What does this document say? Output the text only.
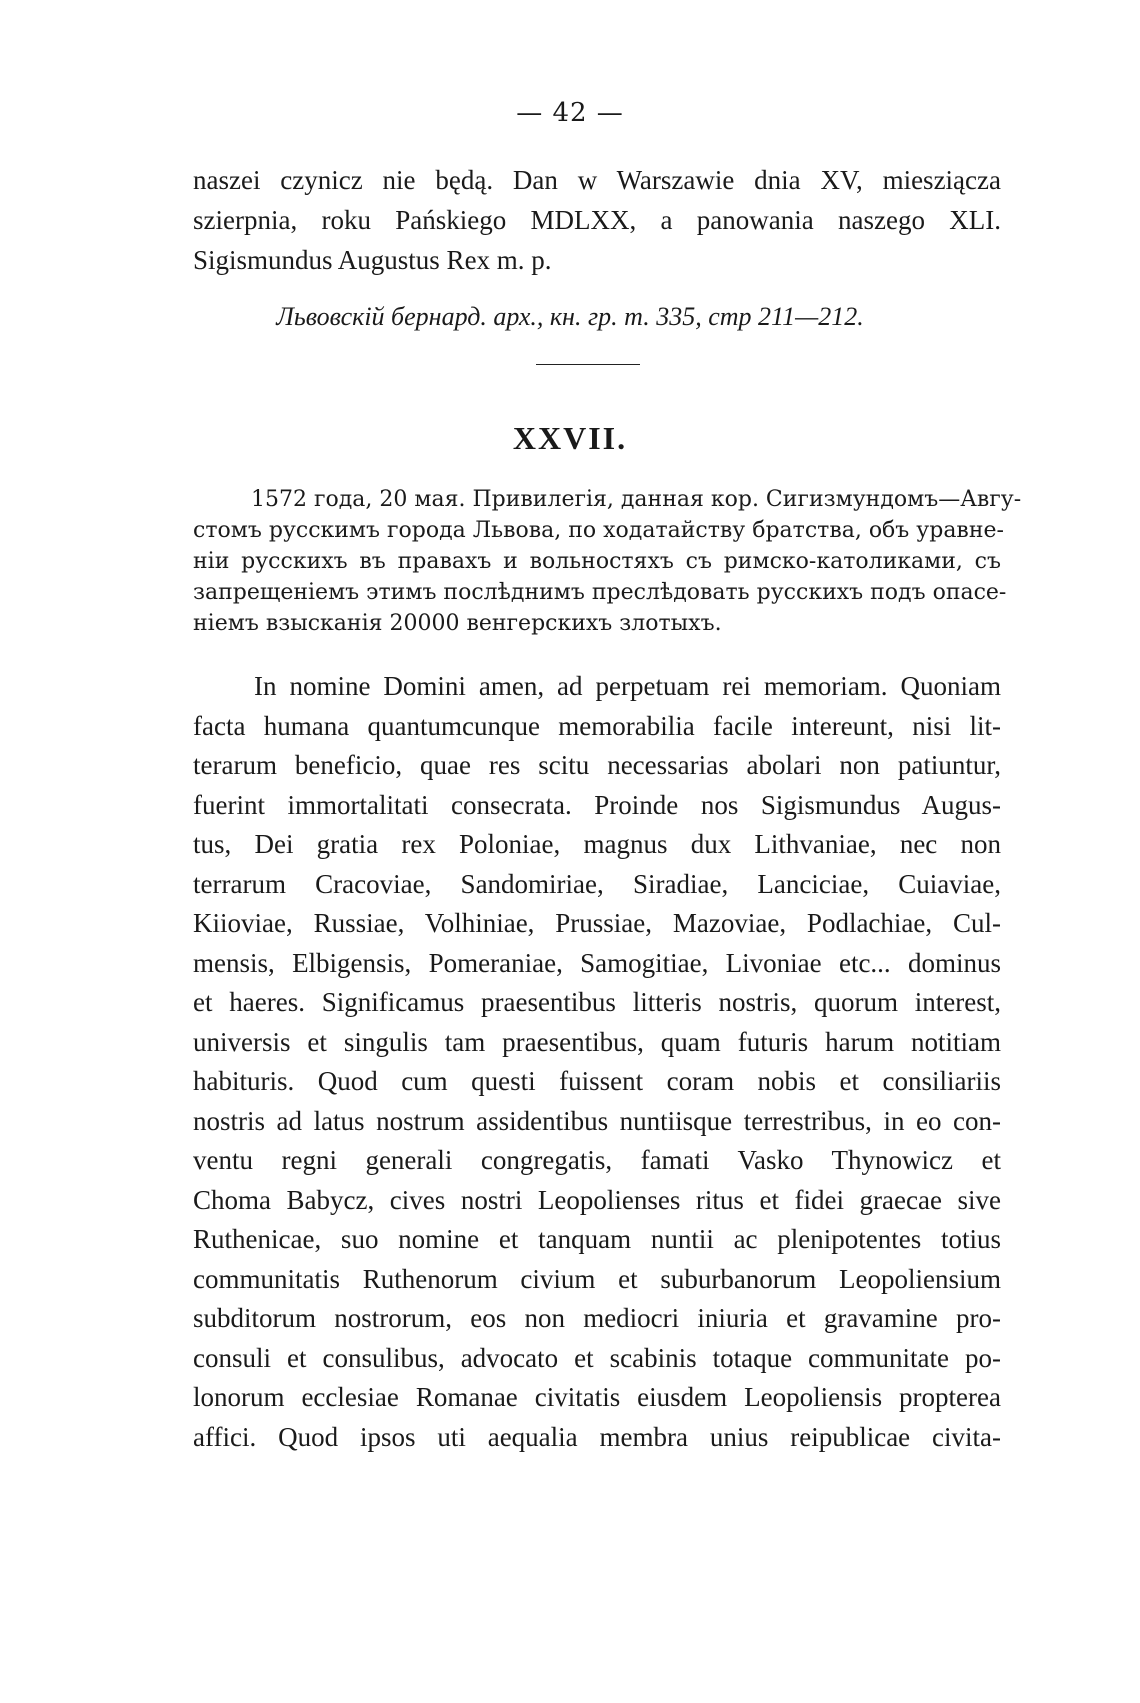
— 42 —
naszei czynicz nie będą. Dan w Warszawie dnia XV, mieszіącza
szierpnia, roku Pańskiego MDLXX, a panowania naszego XLI.
Sigismundus Augustus Rex m. p.
Львовскій бернард. арх., кн. гр. т. 335, стр 211—212.
XXVII.
1572 года, 20 мая. Привилегія, данная кор. Сигизмундомъ—Авгу-
стомъ русскимъ города Львова, по ходатайству братства, объ уравне-
ніи русскихъ въ правахъ и вольностяхъ съ римско-католиками, съ
запрещеніемъ этимъ послѣднимъ преслѣдовать русскихъ подъ опасе-
ніемъ взысканія 20000 венгерскихъ злотыхъ.
In nomine Domini amen, ad perpetuam rei memoriam. Quoniam
facta humana quantumcunque memorabilia facile intereunt, nisi lit-
terarum beneficio, quae res scitu necessarias abolari non patiuntur,
fuerint immortalitati consecrata. Proinde nos Sigismundus Augus-
tus, Dei gratia rex Poloniae, magnus dux Lithvaniae, nec non
terrarum Cracoviae, Sandomiriae, Siradiae, Lanciciae, Cuiaviae,
Kiioviae, Russiae, Volhiniae, Prussiae, Mazoviae, Podlachiae, Cul-
mensis, Elbigensis, Pomeraniae, Samogitiae, Livoniae etc... dominus
et haeres. Significamus praesentibus litteris nostris, quorum interest,
universis et singulis tam praesentibus, quam futuris harum notitiam
habituris. Quod cum questi fuissent coram nobis et consiliariis
nostris ad latus nostrum assidentibus nuntiisque terrestribus, in eo con-
ventu regni generali congregatis, famati Vasko Thynowicz et
Choma Babycz, cives nostri Leopolienses ritus et fidei graecae sive
Ruthenicae, suo nomine et tanquam nuntii ac plenipotentes totius
communitatis Ruthenorum civium et suburbanorum Leopoliensium
subditorum nostrorum, eos non mediocri iniuria et gravamine pro-
consuli et consulibus, advocato et scabinis totaque communitate po-
lonorum ecclesiae Romanae civitatis eiusdem Leopoliensis propterea
affici. Quod ipsos uti aequalia membra unius reipublicae civita-
